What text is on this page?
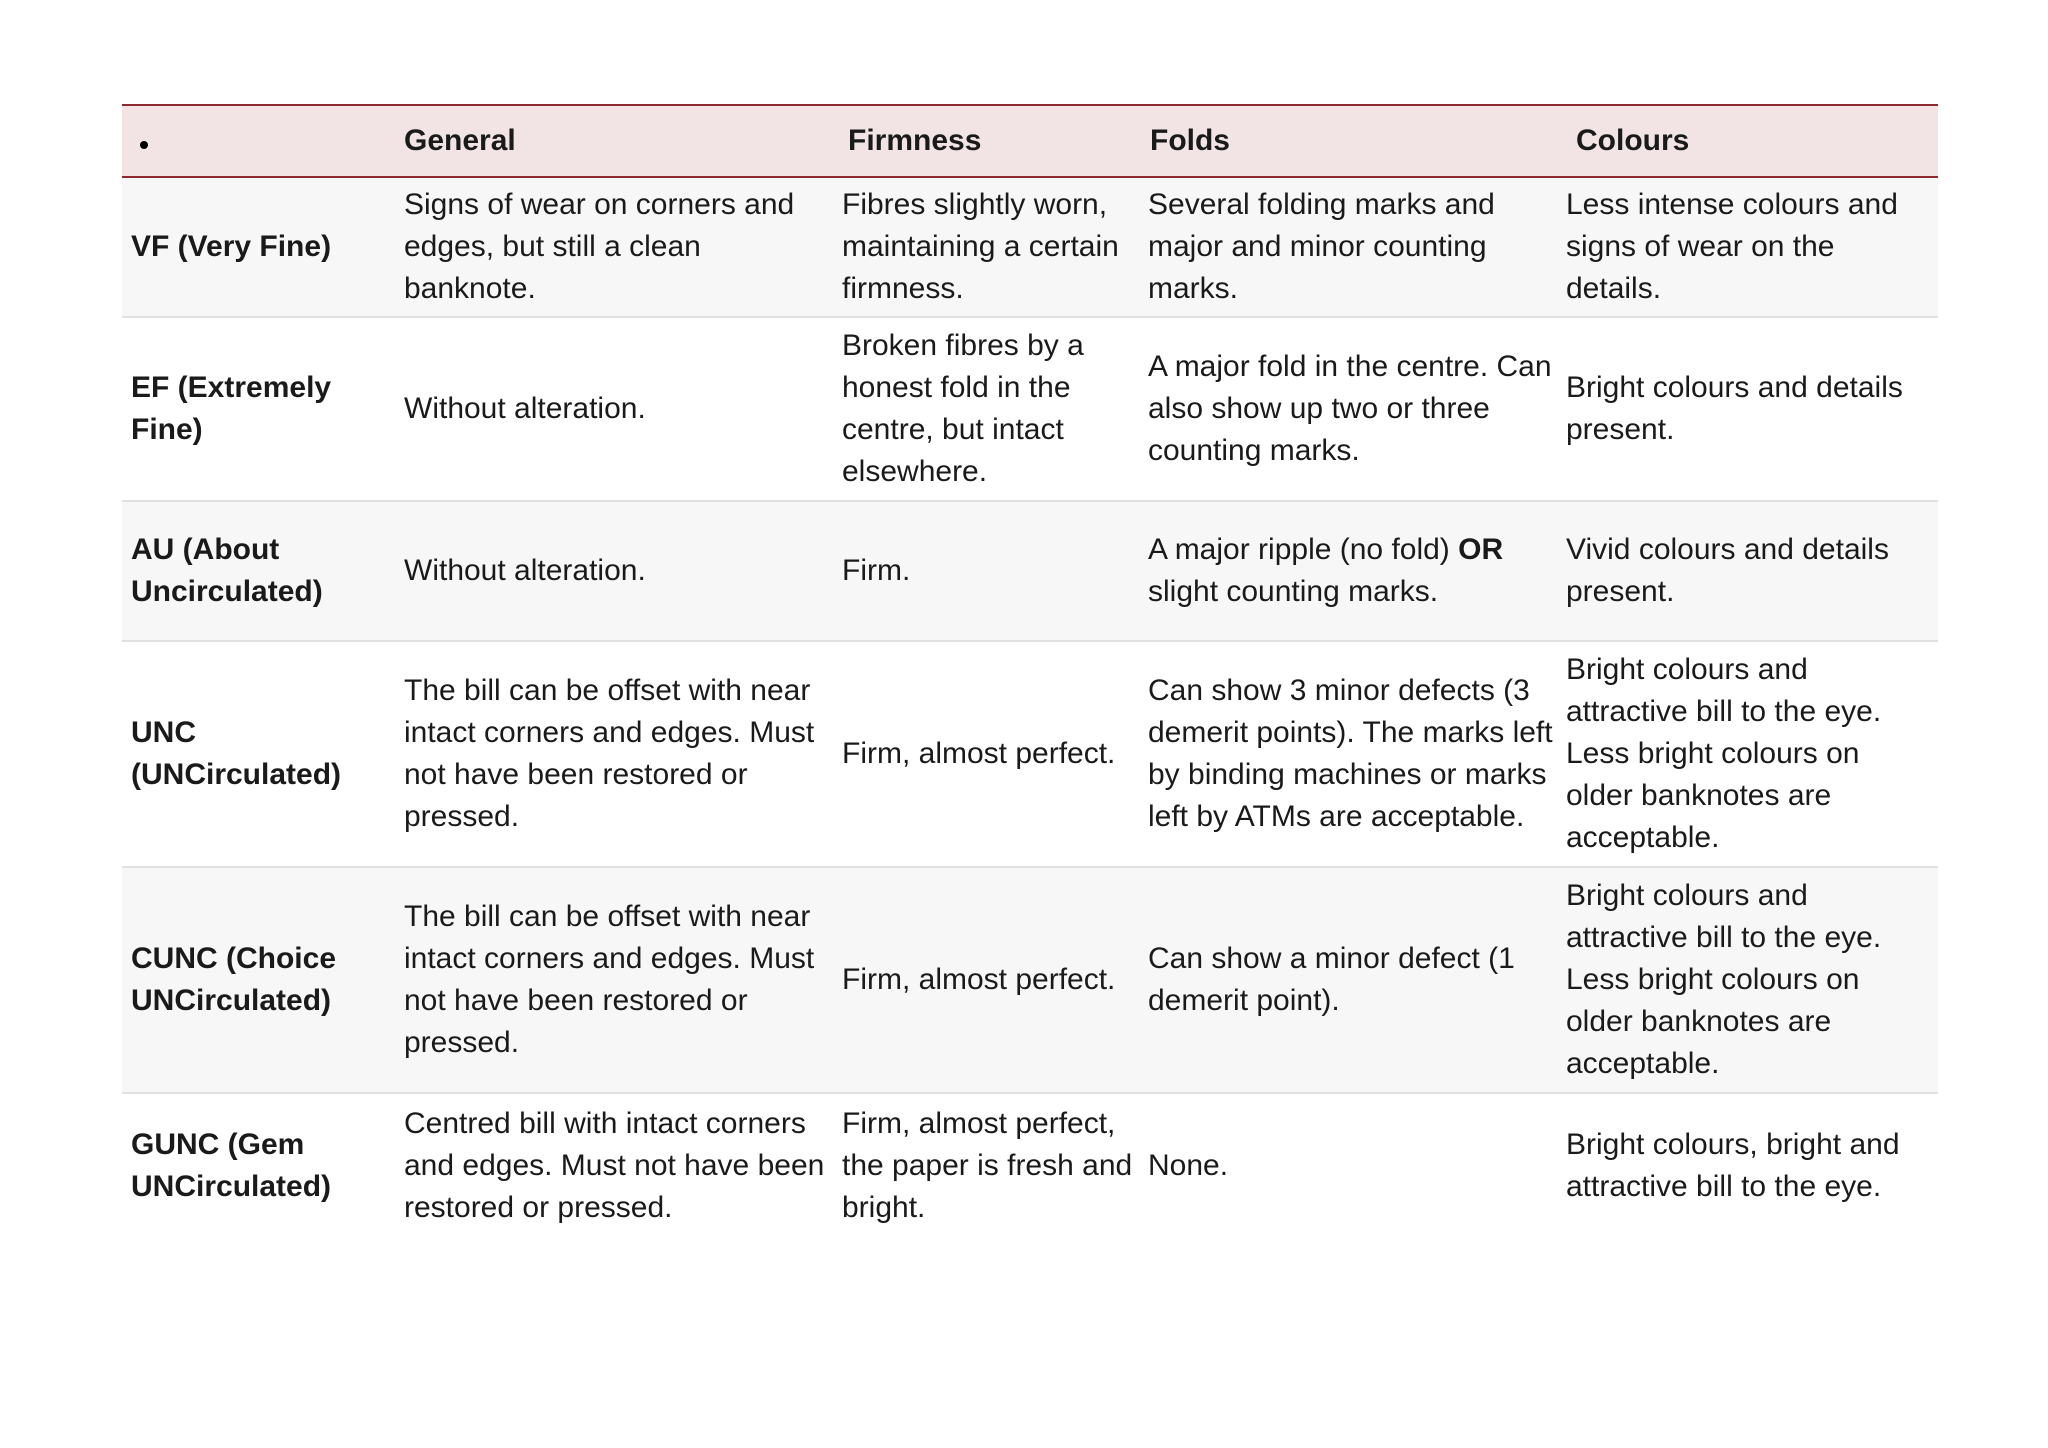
	General	Firmness	Folds	Colours
VF (Very Fine)	Signs of wear on corners and edges, but still a clean banknote.	Fibres slightly worn, maintaining a certain firmness.	Several folding marks and major and minor counting marks.	Less intense colours and signs of wear on the details.
EF (Extremely Fine)	Without alteration.	Broken fibres by a honest fold in the centre, but intact elsewhere.	A major fold in the centre. Can also show up two or three counting marks.	Bright colours and details present.
AU (About Uncirculated)	Without alteration.	Firm.	A major ripple (no fold) OR slight counting marks.	Vivid colours and details present.
UNC (UNCirculated)	The bill can be offset with near intact corners and edges. Must not have been restored or pressed.	Firm, almost perfect.	Can show 3 minor defects (3 demerit points). The marks left by binding machines or marks left by ATMs are acceptable.	Bright colours and attractive bill to the eye. Less bright colours on older banknotes are acceptable.
CUNC (Choice UNCirculated)	The bill can be offset with near intact corners and edges. Must not have been restored or pressed.	Firm, almost perfect.	Can show a minor defect (1 demerit point).	Bright colours and attractive bill to the eye. Less bright colours on older banknotes are acceptable.
GUNC (Gem UNCirculated)	Centred bill with intact corners and edges. Must not have been restored or pressed.	Firm, almost perfect, the paper is fresh and bright.	None.	Bright colours, bright and attractive bill to the eye.
